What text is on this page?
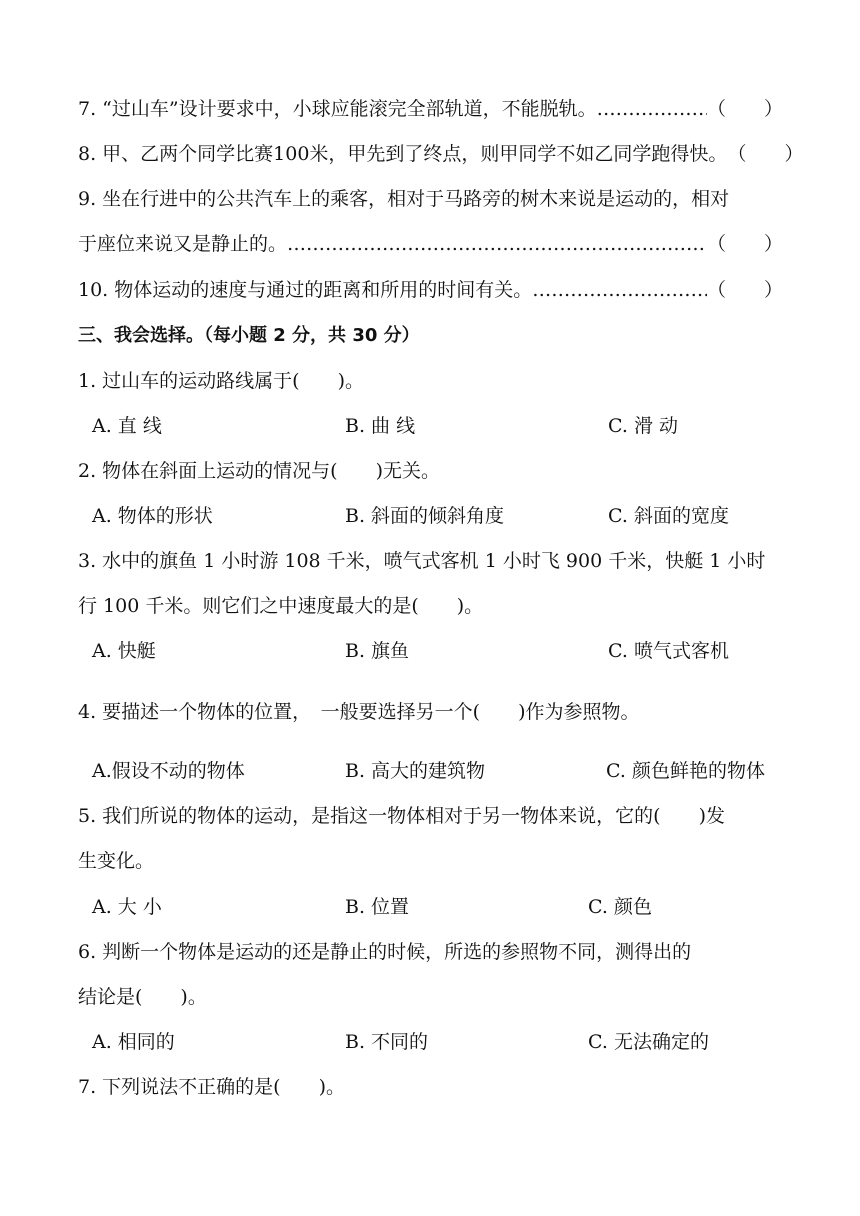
7. “过山车”设计要求中，小球应能滚完全部轨道，不能脱轨。 …………………………………………………………………………………………………………………………	（　　）
8. 甲、乙两个同学比赛100米，甲先到了终点，则甲同学不如乙同学跑得快。 （　　）
9. 坐在行进中的公共汽车上的乘客，相对于马路旁的树木来说是运动的，相对
于座位来说又是静止的。 …………………………………………………………………………………………………………………………	（　　）
10. 物体运动的速度与通过的距离和所用的时间有关。 …………………………………………………………………………………………………………………………	（　　）
三、我会选择。（每小题 2 分，共 30 分）
1. 过山车的运动路线属于(　　)。
A. 直 线	B. 曲 线	C. 滑 动
2. 物体在斜面上运动的情况与(　　)无关。
A. 物体的形状	B. 斜面的倾斜角度	C. 斜面的宽度
3. 水中的旗鱼 1 小时游 108 千米，喷气式客机 1 小时飞 900 千米，快艇 1 小时
行 100 千米。则它们之中速度最大的是(　　)。
A. 快艇	B. 旗鱼	C. 喷气式客机
4. 要描述一个物体的位置，　一般要选择另一个(　　)作为参照物。
A.假设不动的物体	B. 高大的建筑物	C. 颜色鲜艳的物体
5. 我们所说的物体的运动，是指这一物体相对于另一物体来说，它的(　　)发
生变化。
A. 大 小	B. 位置	C. 颜色
6. 判断一个物体是运动的还是静止的时候，所选的参照物不同，测得出的
结论是(　　)。
A. 相同的	B. 不同的	C. 无法确定的
7. 下列说法不正确的是(　　)。
